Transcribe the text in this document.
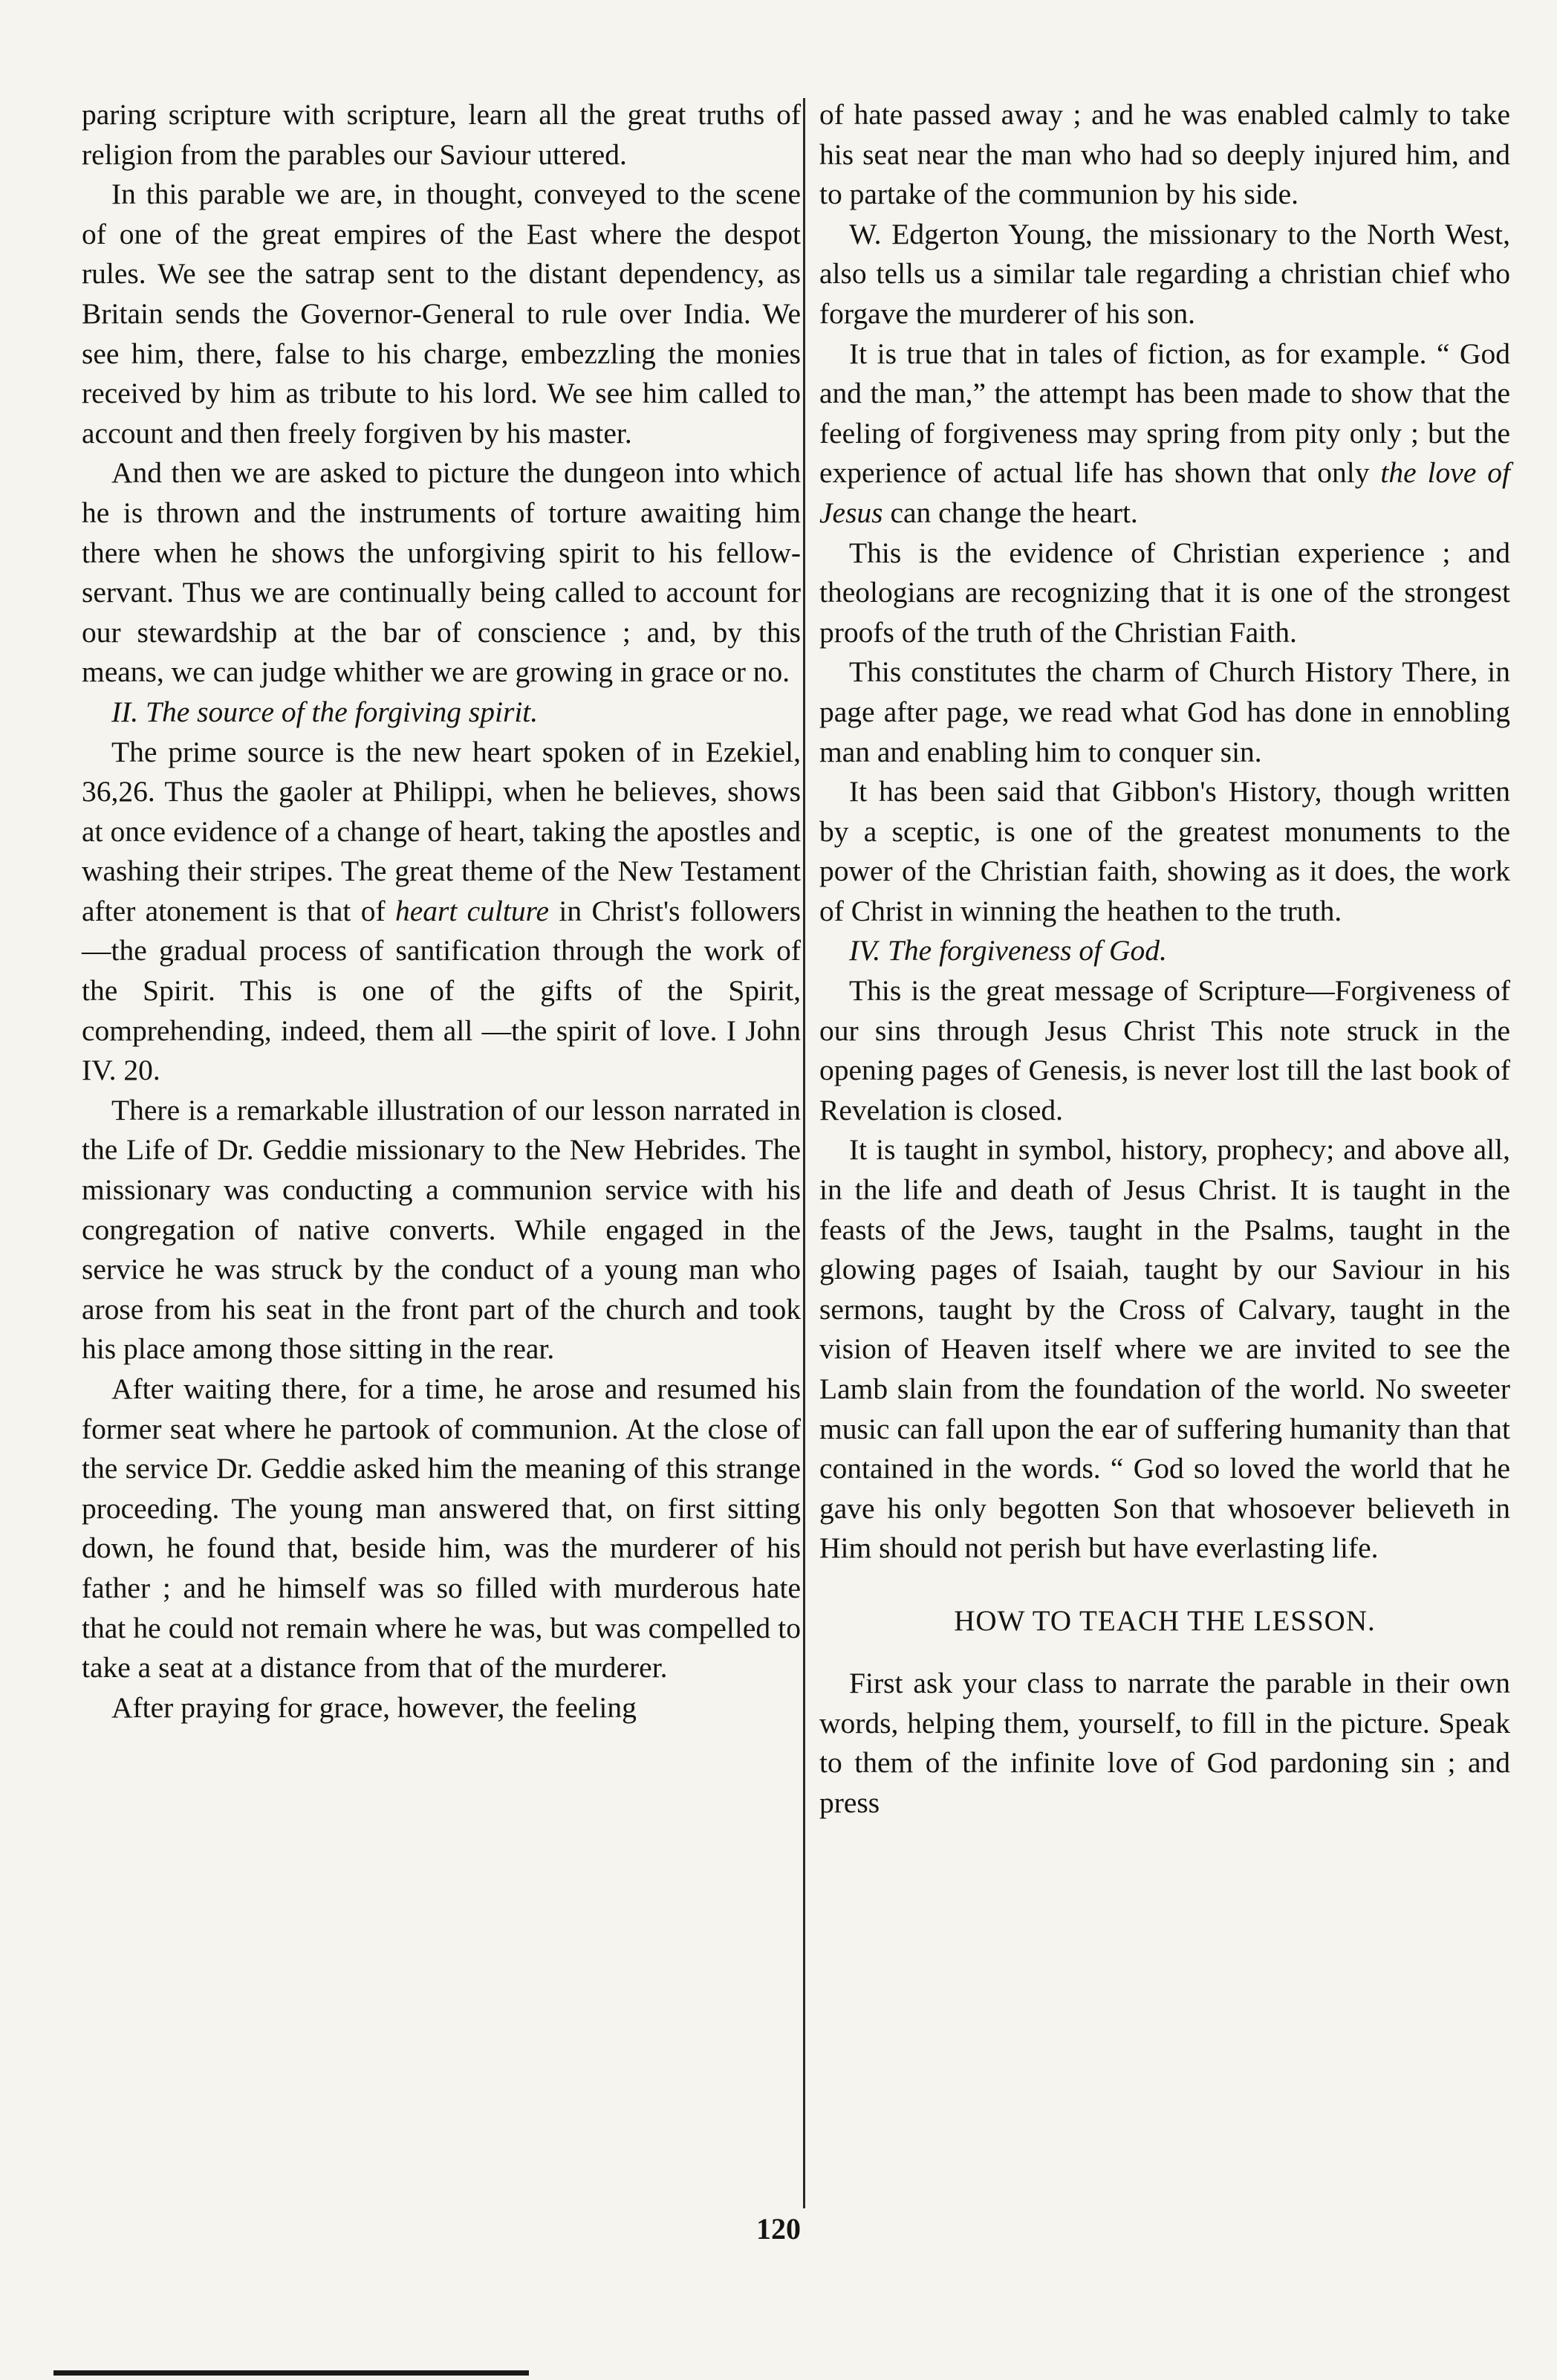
paring scripture with scripture, learn all the great truths of religion from the parables our Saviour uttered.

In this parable we are, in thought, conveyed to the scene of one of the great empires of the East where the despot rules. We see the satrap sent to the distant dependency, as Britain sends the Governor-General to rule over India. We see him, there, false to his charge, embezzling the monies received by him as tribute to his lord. We see him called to account and then freely forgiven by his master.

And then we are asked to picture the dungeon into which he is thrown and the instruments of torture awaiting him there when he shows the unforgiving spirit to his fellow-servant. Thus we are continually being called to account for our stewardship at the bar of conscience ; and, by this means, we can judge whither we are growing in grace or no.

II. The source of the forgiving spirit.

The prime source is the new heart spoken of in Ezekiel, 36,26. Thus the gaoler at Philippi, when he believes, shows at once evidence of a change of heart, taking the apostles and washing their stripes. The great theme of the New Testament after atonement is that of heart culture in Christ's followers—the gradual process of santification through the work of the Spirit. This is one of the gifts of the Spirit, comprehending, indeed, them all —the spirit of love. I John IV. 20.

There is a remarkable illustration of our lesson narrated in the Life of Dr. Geddie missionary to the New Hebrides. The missionary was conducting a communion service with his congregation of native converts. While engaged in the service he was struck by the conduct of a young man who arose from his seat in the front part of the church and took his place among those sitting in the rear.

After waiting there, for a time, he arose and resumed his former seat where he partook of communion. At the close of the service Dr. Geddie asked him the meaning of this strange proceeding. The young man answered that, on first sitting down, he found that, beside him, was the murderer of his father ; and he himself was so filled with murderous hate that he could not remain where he was, but was compelled to take a seat at a distance from that of the murderer.

After praying for grace, however, the feeling

of hate passed away ; and he was enabled calmly to take his seat near the man who had so deeply injured him, and to partake of the communion by his side.

W. Edgerton Young, the missionary to the North West, also tells us a similar tale regarding a christian chief who forgave the murderer of his son.

It is true that in tales of fiction, as for example. “ God and the man,” the attempt has been made to show that the feeling of forgiveness may spring from pity only ; but the experience of actual life has shown that only the love of Jesus can change the heart.

This is the evidence of Christian experience ; and theologians are recognizing that it is one of the strongest proofs of the truth of the Christian Faith.

This constitutes the charm of Church History There, in page after page, we read what God has done in ennobling man and enabling him to conquer sin.

It has been said that Gibbon's History, though written by a sceptic, is one of the greatest monuments to the power of the Christian faith, showing as it does, the work of Christ in winning the heathen to the truth.

IV. The forgiveness of God.

This is the great message of Scripture—Forgiveness of our sins through Jesus Christ This note struck in the opening pages of Genesis, is never lost till the last book of Revelation is closed.

It is taught in symbol, history, prophecy; and above all, in the life and death of Jesus Christ. It is taught in the feasts of the Jews, taught in the Psalms, taught in the glowing pages of Isaiah, taught by our Saviour in his sermons, taught by the Cross of Calvary, taught in the vision of Heaven itself where we are invited to see the Lamb slain from the foundation of the world. No sweeter music can fall upon the ear of suffering humanity than that contained in the words. “ God so loved the world that he gave his only begotten Son that whosoever believeth in Him should not perish but have everlasting life.

HOW TO TEACH THE LESSON.

First ask your class to narrate the parable in their own words, helping them, yourself, to fill in the picture. Speak to them of the infinite love of God pardoning sin ; and press

120
